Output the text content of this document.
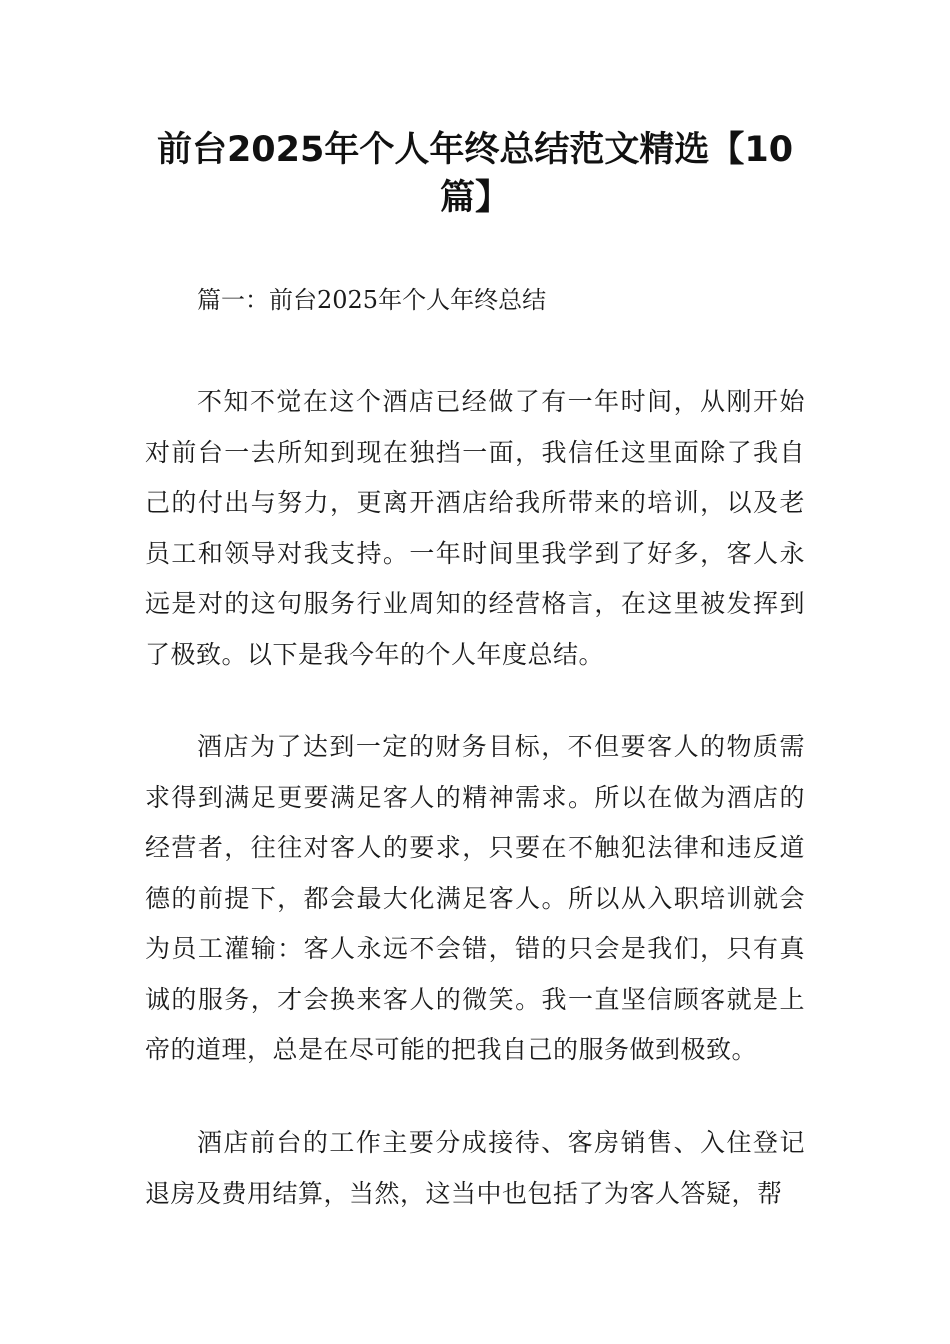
前台2025年个人年终总结范文精选【10篇】

篇一：前台2025年个人年终总结

不知不觉在这个酒店已经做了有一年时间，从刚开始对前台一去所知到现在独挡一面，我信任这里面除了我自己的付出与努力，更离开酒店给我所带来的培训，以及老员工和领导对我支持。一年时间里我学到了好多，客人永远是对的这句服务行业周知的经营格言，在这里被发挥到了极致。以下是我今年的个人年度总结。

酒店为了达到一定的财务目标，不但要客人的物质需求得到满足更要满足客人的精神需求。所以在做为酒店的经营者，往往对客人的要求，只要在不触犯法律和违反道德的前提下，都会最大化满足客人。所以从入职培训就会为员工灌输：客人永远不会错，错的只会是我们，只有真诚的服务，才会换来客人的微笑。我一直坚信顾客就是上帝的道理，总是在尽可能的把我自己的服务做到极致。

酒店前台的工作主要分成接待、客房销售、入住登记退房及费用结算，当然，这当中也包括了为客人答疑，帮
